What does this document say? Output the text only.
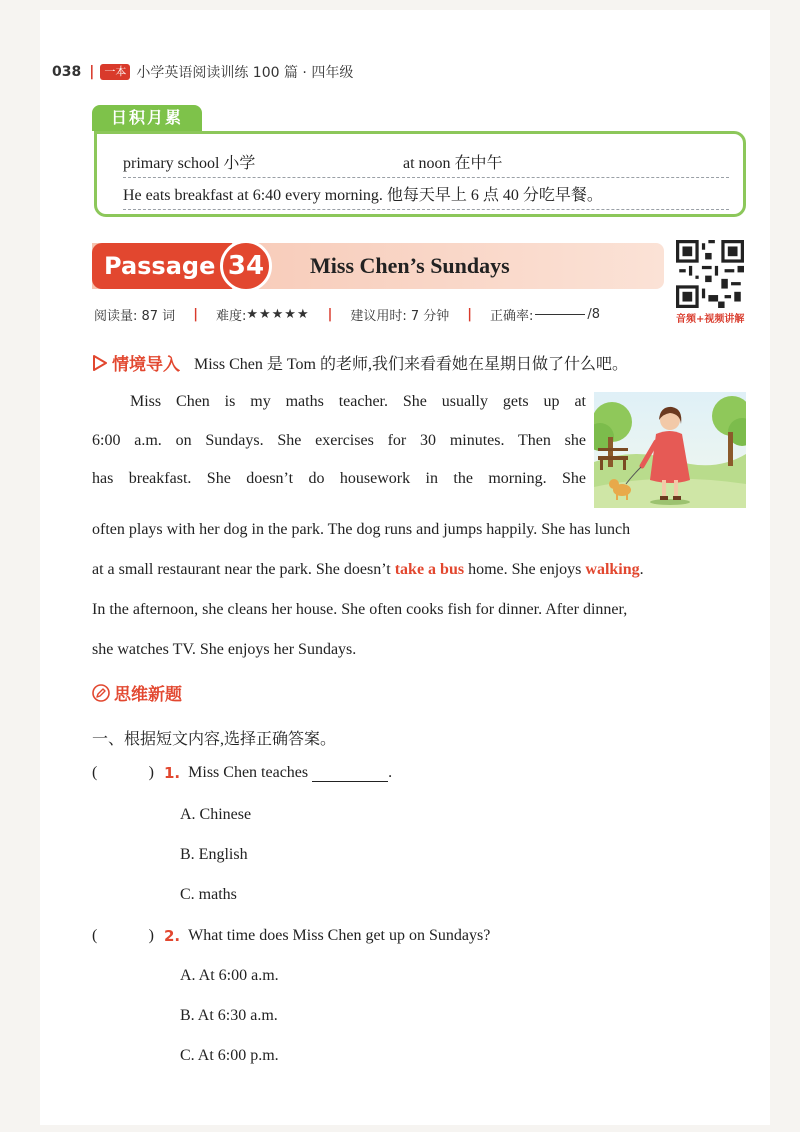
038 | 一本 小学英语阅读训练 100 篇 · 四年级
日积月累
primary school 小学	at noon 在中午
He eats breakfast at 6:40 every morning. 他每天早上 6 点 40 分吃早餐。
Passage 34	Miss Chen’s Sundays
音频+视频讲解
阅读量: 87 词 | 难度: ★★★★★ | 建议用时: 7 分钟 | 正确率:	/8
情境导入 Miss Chen 是 Tom 的老师,我们来看看她在星期日做了什么吧。
Miss Chen is my maths teacher. She usually gets up at
6:00 a.m. on Sundays. She exercises for 30 minutes. Then she
has breakfast. She doesn’t do housework in the morning. She
often plays with her dog in the park. The dog runs and jumps happily. She has lunch
at a small restaurant near the park. She doesn’t take a bus home. She enjoys walking.
In the afternoon, she cleans her house. She often cooks fish for dinner. After dinner,
she watches TV. She enjoys her Sundays.
思维新题
一、根据短文内容,选择正确答案。
(	) 1. Miss Chen teaches	.
A. Chinese
B. English
C. maths
(	) 2. What time does Miss Chen get up on Sundays?
A. At 6:00 a.m.
B. At 6:30 a.m.
C. At 6:00 p.m.
